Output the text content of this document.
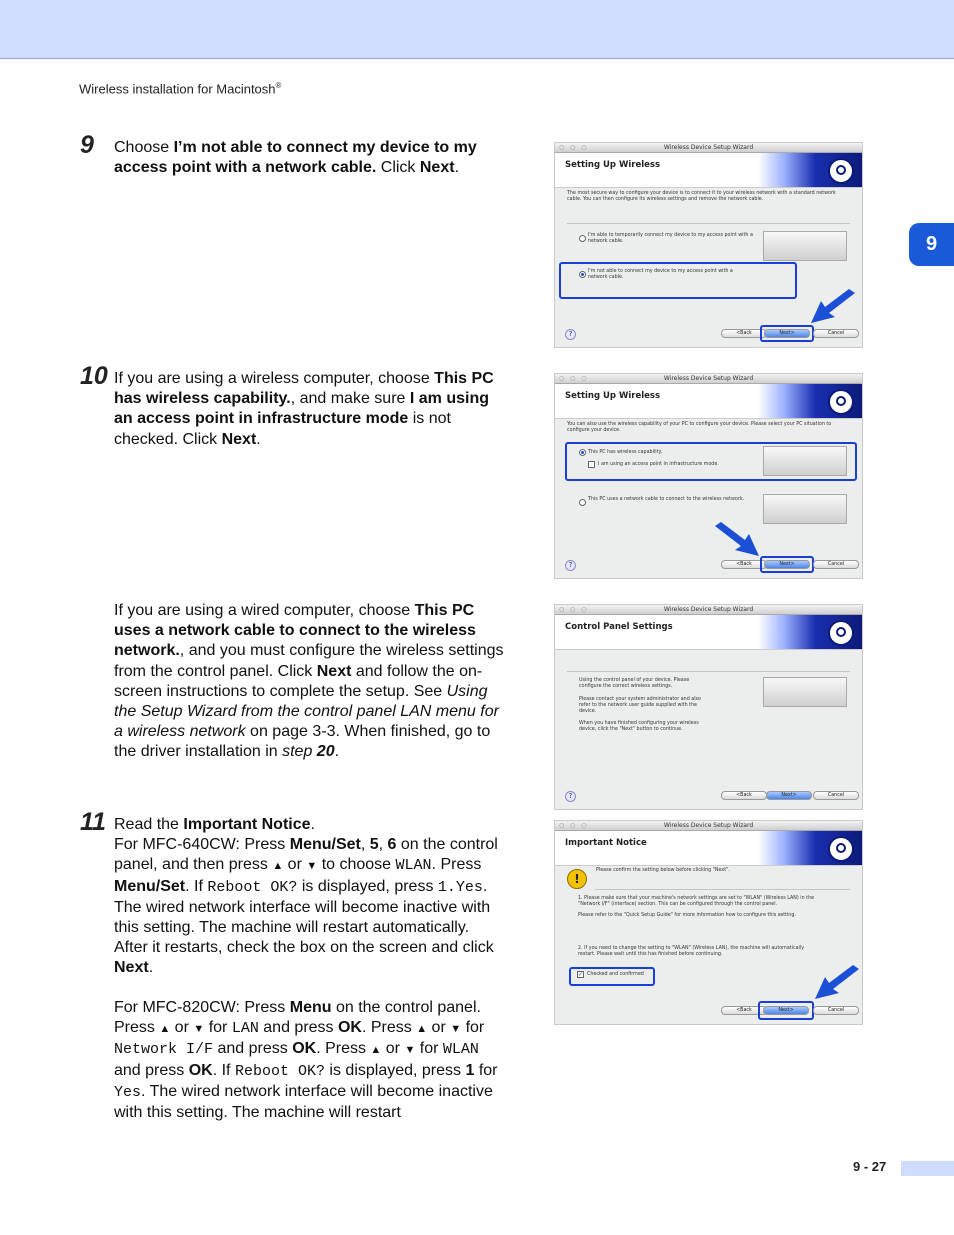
Wireless installation for Macintosh®
9
9 Choose I’m not able to connect my device to my access point with a network cable. Click Next.
10 If you are using a wireless computer, choose This PC has wireless capability., and make sure I am using an access point in infrastructure mode is not checked. Click Next.
If you are using a wired computer, choose This PC uses a network cable to connect to the wireless network., and you must configure the wireless settings from the control panel. Click Next and follow the on-screen instructions to complete the setup. See Using the Setup Wizard from the control panel LAN menu for a wireless network on page 3-3. When finished, go to the driver installation in step 20.
11 Read the Important Notice.
For MFC-640CW: Press Menu/Set, 5, 6 on the control panel, and then press ▲ or ▼ to choose WLAN. Press Menu/Set. If Reboot OK? is displayed, press 1.Yes. The wired network interface will become inactive with this setting. The machine will restart automatically. After it restarts, check the box on the screen and click Next.
For MFC-820CW: Press Menu on the control panel. Press ▲ or ▼ for LAN and press OK. Press ▲ or ▼ for Network I/F and press OK. Press ▲ or ▼ for WLAN and press OK. If Reboot OK? is displayed, press 1 for Yes. The wired network interface will become inactive with this setting. The machine will restart
○ ○ ○	Wireless Device Setup Wizard
Setting Up Wireless
The most secure way to configure your device is to connect it to your wireless network with a standard network cable. You can then configure its wireless settings and remove the network cable.
I'm able to temporarily connect my device to my access point with a network cable.
I'm not able to connect my device to my access point with a network cable.
?	<Back	Next>	Cancel
○ ○ ○	Wireless Device Setup Wizard
Setting Up Wireless
You can also use the wireless capability of your PC to configure your device. Please select your PC situation to configure your device.
This PC has wireless capability.
I am using an access point in infrastructure mode.
This PC uses a network cable to connect to the wireless network.
?	<Back	Next>	Cancel
○ ○ ○	Wireless Device Setup Wizard
Control Panel Settings
Using the control panel of your device. Please configure the correct wireless settings.
Please contact your system administrator and also refer to the network user guide supplied with the device.
When you have finished configuring your wireless device, click the "Next" button to continue.
?	<Back	Next>	Cancel
○ ○ ○	Wireless Device Setup Wizard
Important Notice
!
Please confirm the setting below before clicking "Next".
1. Please make sure that your machine's network settings are set to "WLAN" (Wireless LAN) in the "Network I/F" (interface) section. This can be configured through the control panel.
Please refer to the "Quick Setup Guide" for more information how to configure this setting.
2. If you need to change the setting to "WLAN" (Wireless LAN), the machine will automatically restart. Please wait until this has finished before continuing.
✓ Checked and confirmed
<Back	Next>	Cancel
9 - 27
